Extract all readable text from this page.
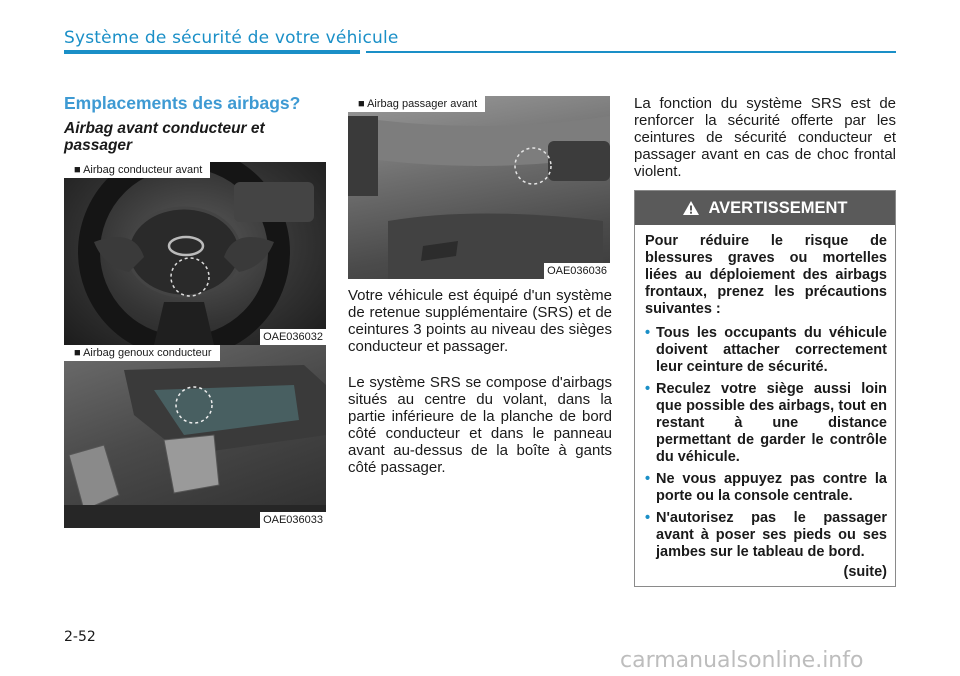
Système de sécurité de votre véhicule
Emplacements des airbags?
Airbag avant conducteur et passager
■ Airbag conducteur avant
OAE036032
■ Airbag genoux conducteur
OAE036033
■ Airbag passager avant
OAE036036

Votre véhicule est équipé d'un système de retenue supplémentaire (SRS) et de ceintures 3 points au niveau des sièges conducteur et passager.

Le système SRS se compose d'airbags situés au centre du volant, dans la partie inférieure de la planche de bord côté conducteur et dans le panneau avant au-dessus de la boîte à gants côté passager.

La fonction du système SRS est de renforcer la sécurité offerte par les ceintures de sécurité conducteur et passager avant en cas de choc frontal violent.

AVERTISSEMENT

Pour réduire le risque de blessures graves ou mortelles liées au déploiement des airbags frontaux, prenez les précautions suivantes :

• Tous les occupants du véhicule doivent attacher correctement leur ceinture de sécurité.
• Reculez votre siège aussi loin que possible des airbags, tout en restant à une distance permettant de garder le contrôle du véhicule.
• Ne vous appuyez pas contre la porte ou la console centrale.
• N'autorisez pas le passager avant à poser ses pieds ou ses jambes sur le tableau de bord.

(suite)

2-52
carmanualsonline.info
